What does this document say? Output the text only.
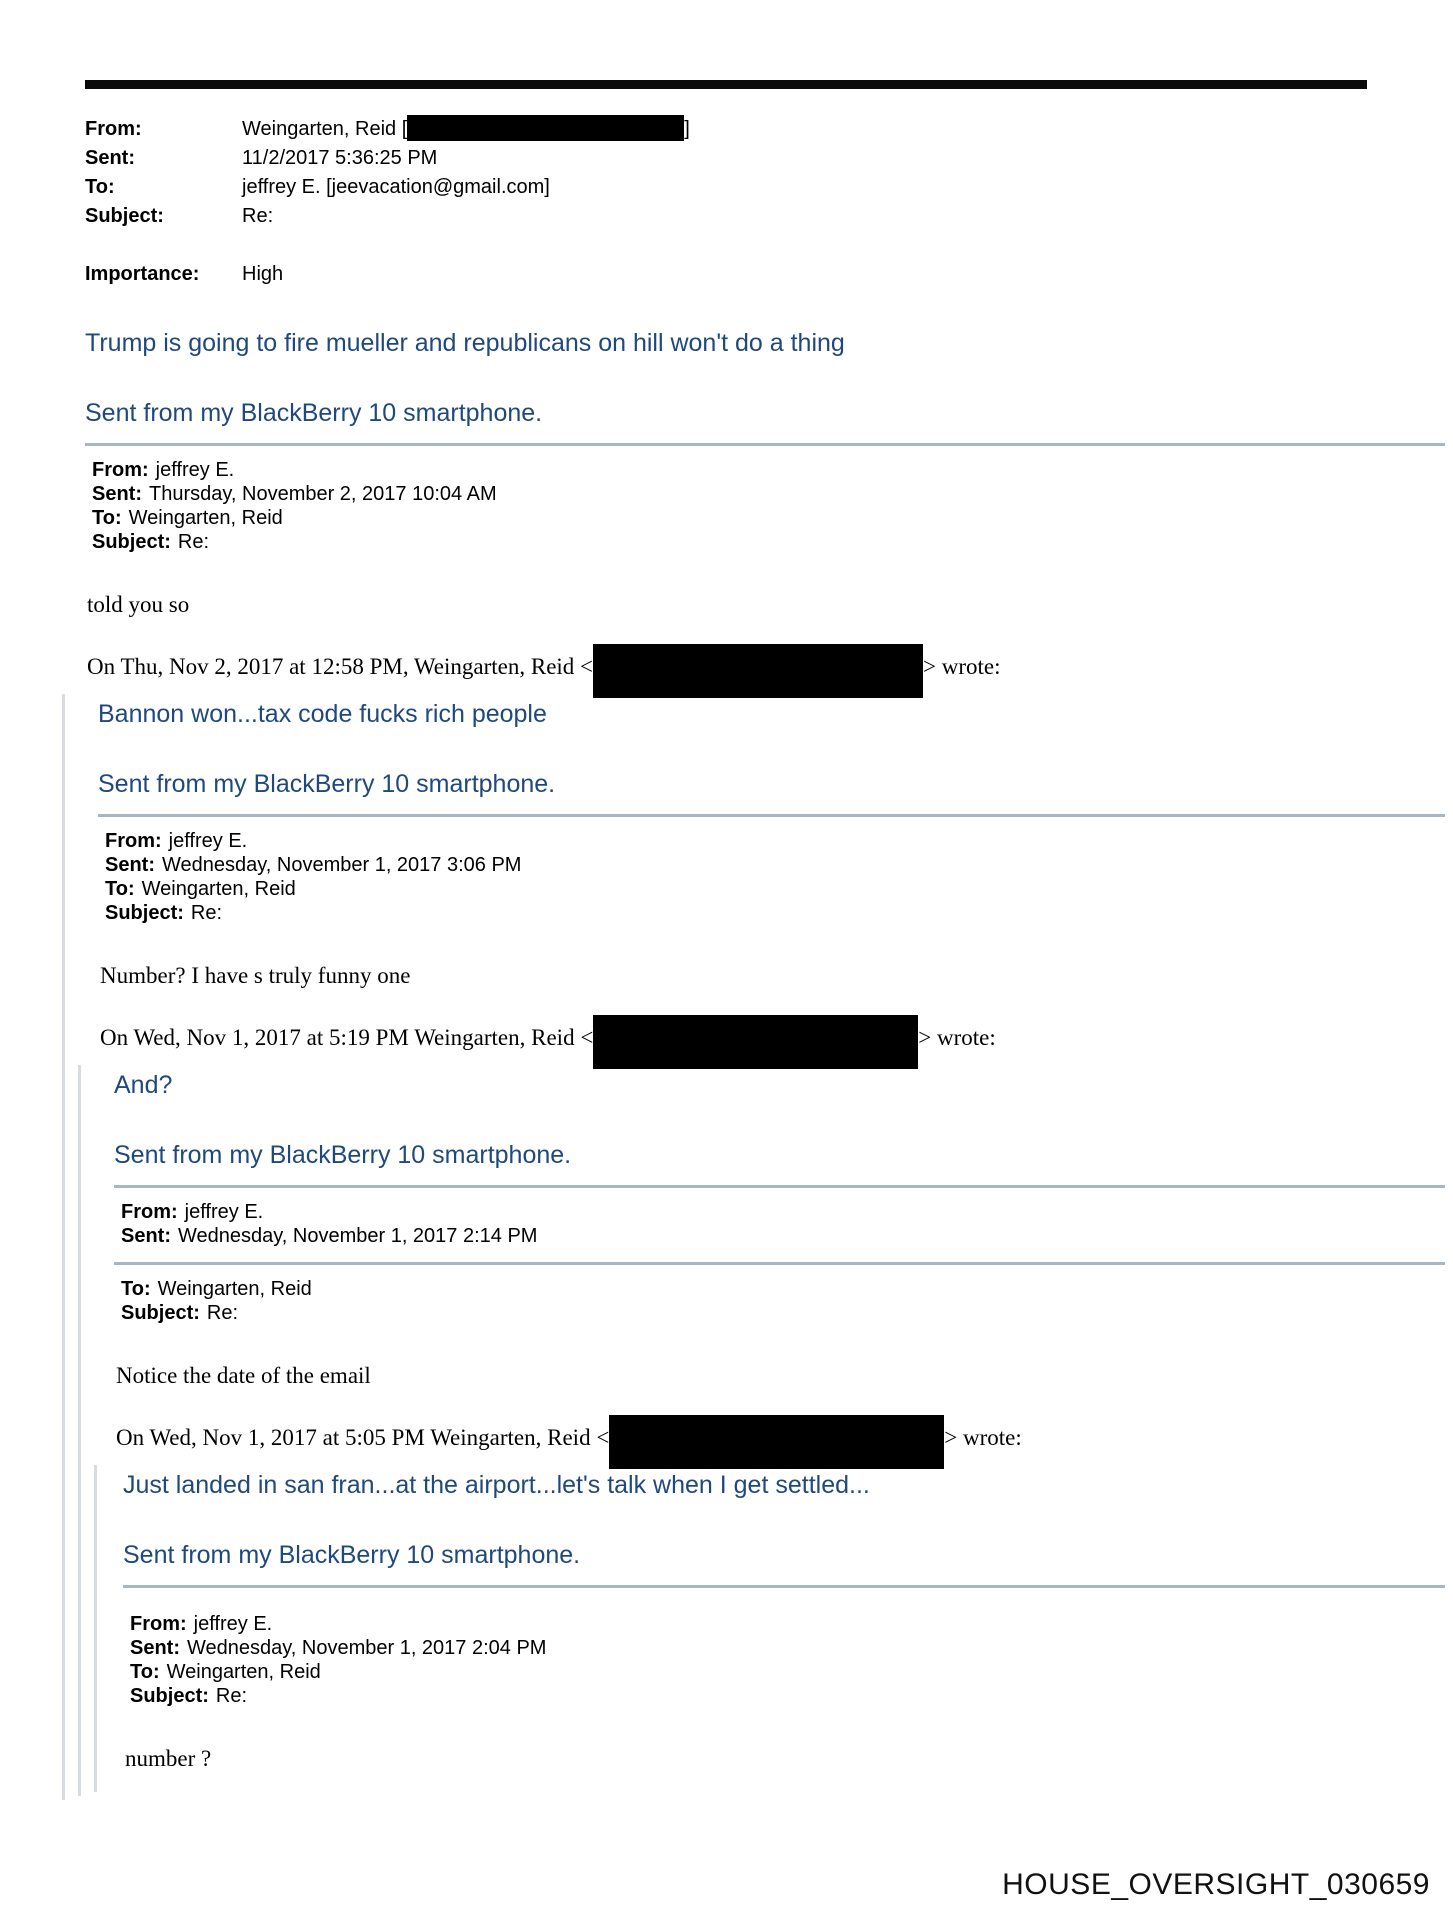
From:	Weingarten, Reid [	]
Sent:	11/2/2017 5:36:25 PM
To:	jeffrey E. [jeevacation@gmail.com]
Subject:	Re:
Importance:	High

Trump is going to fire mueller and republicans on hill won't do a thing

Sent from my BlackBerry 10 smartphone.

From: jeffrey E.
Sent: Thursday, November 2, 2017 10:04 AM
To: Weingarten, Reid
Subject: Re:

told you so

On Thu, Nov 2, 2017 at 12:58 PM, Weingarten, Reid <	> wrote:

Bannon won...tax code fucks rich people

Sent from my BlackBerry 10 smartphone.

From: jeffrey E.
Sent: Wednesday, November 1, 2017 3:06 PM
To: Weingarten, Reid
Subject: Re:

Number? I have s truly funny one

On Wed, Nov 1, 2017 at 5:19 PM Weingarten, Reid <	> wrote:

And?

Sent from my BlackBerry 10 smartphone.

From: jeffrey E.
Sent: Wednesday, November 1, 2017 2:14 PM
To: Weingarten, Reid
Subject: Re:

Notice the date of the email

On Wed, Nov 1, 2017 at 5:05 PM Weingarten, Reid <	> wrote:

Just landed in san fran...at the airport...let's talk when I get settled...

Sent from my BlackBerry 10 smartphone.

From: jeffrey E.
Sent: Wednesday, November 1, 2017 2:04 PM
To: Weingarten, Reid
Subject: Re:

number ?

HOUSE_OVERSIGHT_030659
